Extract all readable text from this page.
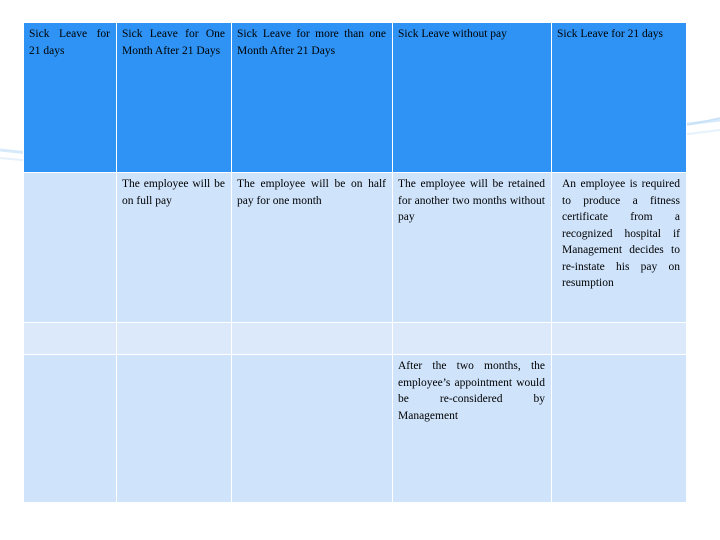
Sick Leave for 21 days	Sick Leave for One Month After 21 Days	Sick Leave for more than one Month After 21 Days	Sick Leave without pay	Sick Leave for 21 days
	The employee will be on full pay	The employee will be on half pay for one month	The employee will be retained for another two months without pay	An employee is required to produce a fitness certificate from a recognized hospital if Management decides to re-instate his pay on resumption

			After the two months, the employee’s appointment would be re-considered by Management	
